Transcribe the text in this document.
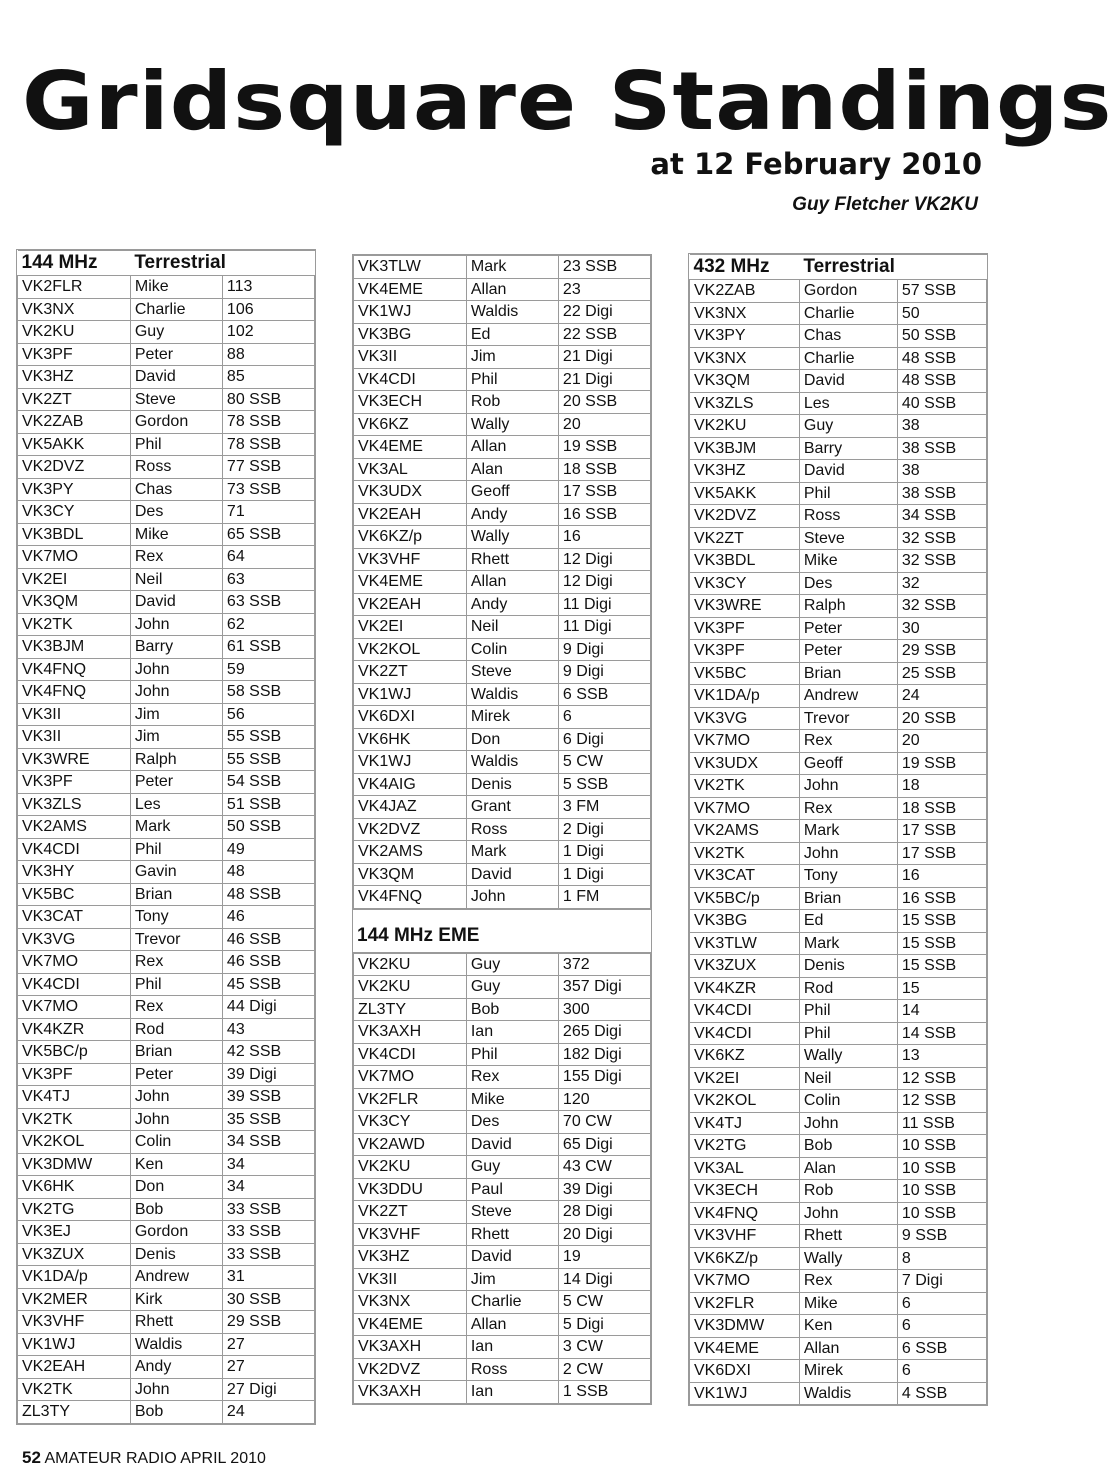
Gridsquare Standings
at 12 February 2010
Guy Fletcher VK2KU
144 MHz	Terrestrial	
VK2FLR	Mike	113
VK3NX	Charlie	106
VK2KU	Guy	102
VK3PF	Peter	88
VK3HZ	David	85
VK2ZT	Steve	80 SSB
VK2ZAB	Gordon	78 SSB
VK5AKK	Phil	78 SSB
VK2DVZ	Ross	77 SSB
VK3PY	Chas	73 SSB
VK3CY	Des	71
VK3BDL	Mike	65 SSB
VK7MO	Rex	64
VK2EI	Neil	63
VK3QM	David	63 SSB
VK2TK	John	62
VK3BJM	Barry	61 SSB
VK4FNQ	John	59
VK4FNQ	John	58 SSB
VK3II	Jim	56
VK3II	Jim	55 SSB
VK3WRE	Ralph	55 SSB
VK3PF	Peter	54 SSB
VK3ZLS	Les	51 SSB
VK2AMS	Mark	50 SSB
VK4CDI	Phil	49
VK3HY	Gavin	48
VK5BC	Brian	48 SSB
VK3CAT	Tony	46
VK3VG	Trevor	46 SSB
VK7MO	Rex	46 SSB
VK4CDI	Phil	45 SSB
VK7MO	Rex	44 Digi
VK4KZR	Rod	43
VK5BC/p	Brian	42 SSB
VK3PF	Peter	39 Digi
VK4TJ	John	39 SSB
VK2TK	John	35 SSB
VK2KOL	Colin	34 SSB
VK3DMW	Ken	34
VK6HK	Don	34
VK2TG	Bob	33 SSB
VK3EJ	Gordon	33 SSB
VK3ZUX	Denis	33 SSB
VK1DA/p	Andrew	31
VK2MER	Kirk	30 SSB
VK3VHF	Rhett	29 SSB
VK1WJ	Waldis	27
VK2EAH	Andy	27
VK2TK	John	27 Digi
ZL3TY	Bob	24
VK3TLW	Mark	23 SSB
VK4EME	Allan	23
VK1WJ	Waldis	22 Digi
VK3BG	Ed	22 SSB
VK3II	Jim	21 Digi
VK4CDI	Phil	21 Digi
VK3ECH	Rob	20 SSB
VK6KZ	Wally	20
VK4EME	Allan	19 SSB
VK3AL	Alan	18 SSB
VK3UDX	Geoff	17 SSB
VK2EAH	Andy	16 SSB
VK6KZ/p	Wally	16
VK3VHF	Rhett	12 Digi
VK4EME	Allan	12 Digi
VK2EAH	Andy	11 Digi
VK2EI	Neil	11 Digi
VK2KOL	Colin	9 Digi
VK2ZT	Steve	9 Digi
VK1WJ	Waldis	6 SSB
VK6DXI	Mirek	6
VK6HK	Don	6 Digi
VK1WJ	Waldis	5 CW
VK4AIG	Denis	5 SSB
VK4JAZ	Grant	3 FM
VK2DVZ	Ross	2 Digi
VK2AMS	Mark	1 Digi
VK3QM	David	1 Digi
VK4FNQ	John	1 FM
144 MHz EME
VK2KU	Guy	372
VK2KU	Guy	357 Digi
ZL3TY	Bob	300
VK3AXH	Ian	265 Digi
VK4CDI	Phil	182 Digi
VK7MO	Rex	155 Digi
VK2FLR	Mike	120
VK3CY	Des	70 CW
VK2AWD	David	65 Digi
VK2KU	Guy	43 CW
VK3DDU	Paul	39 Digi
VK2ZT	Steve	28 Digi
VK3VHF	Rhett	20 Digi
VK3HZ	David	19
VK3II	Jim	14 Digi
VK3NX	Charlie	5 CW
VK4EME	Allan	5 Digi
VK3AXH	Ian	3 CW
VK2DVZ	Ross	2 CW
VK3AXH	Ian	1 SSB
432 MHz	Terrestrial	
VK2ZAB	Gordon	57 SSB
VK3NX	Charlie	50
VK3PY	Chas	50 SSB
VK3NX	Charlie	48 SSB
VK3QM	David	48 SSB
VK3ZLS	Les	40 SSB
VK2KU	Guy	38
VK3BJM	Barry	38 SSB
VK3HZ	David	38
VK5AKK	Phil	38 SSB
VK2DVZ	Ross	34 SSB
VK2ZT	Steve	32 SSB
VK3BDL	Mike	32 SSB
VK3CY	Des	32
VK3WRE	Ralph	32 SSB
VK3PF	Peter	30
VK3PF	Peter	29 SSB
VK5BC	Brian	25 SSB
VK1DA/p	Andrew	24
VK3VG	Trevor	20 SSB
VK7MO	Rex	20
VK3UDX	Geoff	19 SSB
VK2TK	John	18
VK7MO	Rex	18 SSB
VK2AMS	Mark	17 SSB
VK2TK	John	17 SSB
VK3CAT	Tony	16
VK5BC/p	Brian	16 SSB
VK3BG	Ed	15 SSB
VK3TLW	Mark	15 SSB
VK3ZUX	Denis	15 SSB
VK4KZR	Rod	15
VK4CDI	Phil	14
VK4CDI	Phil	14 SSB
VK6KZ	Wally	13
VK2EI	Neil	12 SSB
VK2KOL	Colin	12 SSB
VK4TJ	John	11 SSB
VK2TG	Bob	10 SSB
VK3AL	Alan	10 SSB
VK3ECH	Rob	10 SSB
VK4FNQ	John	10 SSB
VK3VHF	Rhett	9 SSB
VK6KZ/p	Wally	8
VK7MO	Rex	7 Digi
VK2FLR	Mike	6
VK3DMW	Ken	6
VK4EME	Allan	6 SSB
VK6DXI	Mirek	6
VK1WJ	Waldis	4 SSB
52 AMATEUR RADIO APRIL 2010
